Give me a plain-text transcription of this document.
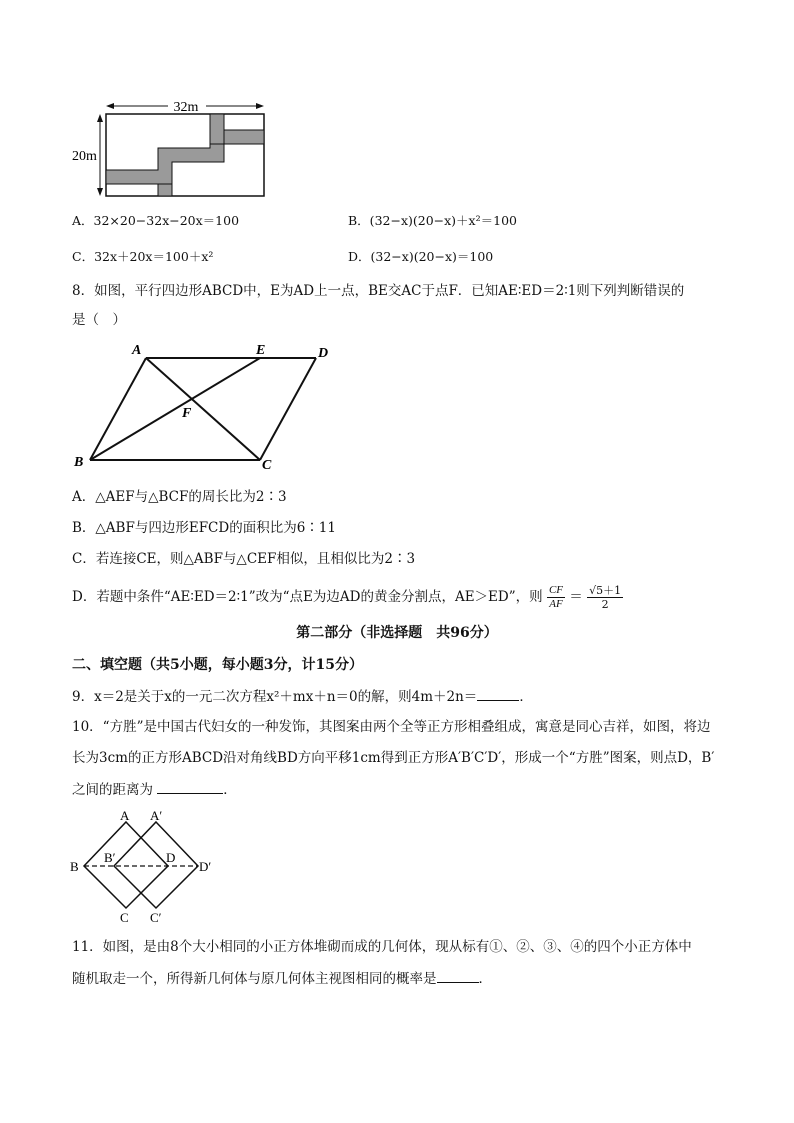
32m
20m
A．32×20−32x−20x＝100	B．(32−x)(20−x)＋x²＝100
C．32x＋20x＝100＋x²	D．(32−x)(20−x)＝100
8．如图，平行四边形ABCD中，E为AD上一点，BE交AC于点F．已知AE∶ED＝2∶1则下列判断错误的
是（　）
A	E	D
F
B	C
A．△AEF与△BCF的周长比为2∶3
B．△ABF与四边形EFCD的面积比为6∶11
C．若连接CE，则△ABF与△CEF相似，且相似比为2∶3
D．若题中条件“AE∶ED＝2∶1”改为“点E为边AD的黄金分割点，AE＞ED”，则 $\frac{CF}{AF} = \frac{√5+1}{2}$
第二部分（非选择题　共96分）
二、填空题（共5小题，每小题3分，计15分）
9．x＝2是关于x的一元二次方程x²＋mx＋n＝0的解，则4m＋2n＝	．
10．“方胜”是中国古代妇女的一种发饰，其图案由两个全等正方形相叠组成，寓意是同心吉祥，如图，将边
长为3cm的正方形ABCD沿对角线BD方向平移1cm得到正方形A′B′C′D′，形成一个“方胜”图案，则点D，B′
之间的距离为	．
A A′
B
B′	D
D′
C C′
11．如图，是由8个大小相同的小正方体堆砌而成的几何体，现从标有①、②、③、④的四个小正方体中
随机取走一个，所得新几何体与原几何体主视图相同的概率是	．
